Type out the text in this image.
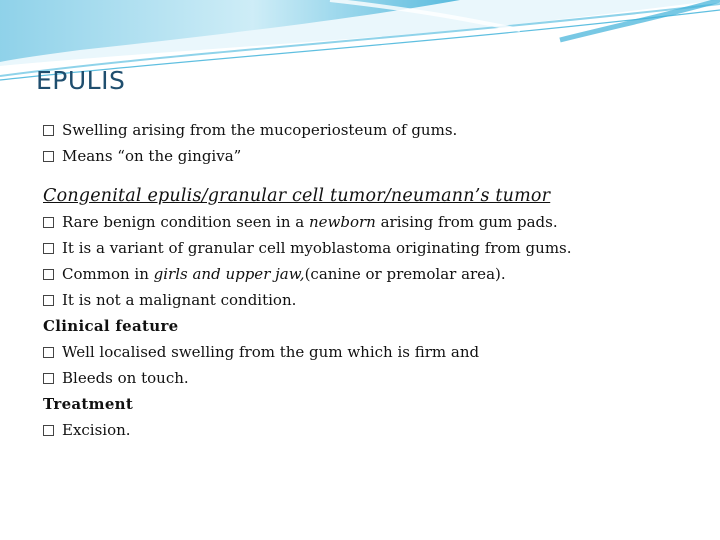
EPULIS
Swelling arising from the mucoperiosteum of gums.
Means “on the gingiva”
Congenital epulis/granular cell tumor/neumann’s tumor
Rare benign condition seen in a newborn arising from gum pads.
It is a variant of granular cell myoblastoma originating from gums.
Common in girls and upper jaw,(canine or premolar area).
It is not a malignant condition.
Clinical feature
Well localised swelling from the gum which is firm and
Bleeds on touch.
Treatment
Excision.
